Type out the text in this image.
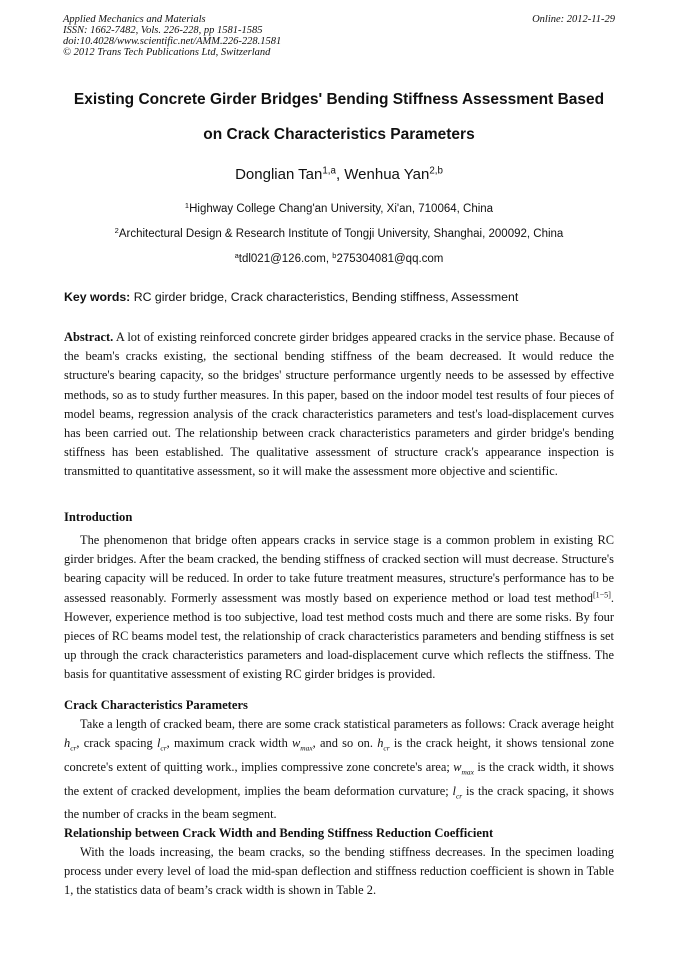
Applied Mechanics and Materials
ISSN: 1662-7482, Vols. 226-228, pp 1581-1585
doi:10.4028/www.scientific.net/AMM.226-228.1581
© 2012 Trans Tech Publications Ltd, Switzerland
Online: 2012-11-29
Existing Concrete Girder Bridges' Bending Stiffness Assessment Based
on Crack Characteristics Parameters
Donglian Tan$^{1,a}$, Wenhua Yan$^{2,b}$
$^1$Highway College Chang'an University, Xi'an, 710064, China
$^2$Architectural Design & Research Institute of Tongji University, Shanghai, 200092, China
$^a$tdl021@126.com, $^b$275304081@qq.com
Key words: RC girder bridge, Crack characteristics, Bending stiffness, Assessment
Abstract. A lot of existing reinforced concrete girder bridges appeared cracks in the service phase. Because of the beam's cracks existing, the sectional bending stiffness of the beam decreased. It would reduce the structure's bearing capacity, so the bridges' structure performance urgently needs to be assessed by effective methods, so as to study further measures. In this paper, based on the indoor model test results of four pieces of model beams, regression analysis of the crack characteristics parameters and test's load-displacement curves has been carried out. The relationship between crack characteristics parameters and girder bridge's bending stiffness has been established. The qualitative assessment of structure crack's appearance inspection is transmitted to quantitative assessment, so it will make the assessment more objective and scientific.
Introduction
The phenomenon that bridge often appears cracks in service stage is a common problem in existing RC girder bridges. After the beam cracked, the bending stiffness of cracked section will must decrease. Structure's bearing capacity will be reduced. In order to take future treatment measures, structure's performance has to be assessed reasonably. Formerly assessment was mostly based on experience method or load test method[1−5]. However, experience method is too subjective, load test method costs much and there are some risks. By four pieces of RC beams model test, the relationship of crack characteristics parameters and bending stiffness is set up through the crack characteristics parameters and load-displacement curve which reflects the stiffness. The basis for quantitative assessment of existing RC girder bridges is provided.
Crack Characteristics Parameters
Take a length of cracked beam, there are some crack statistical parameters as follows: Crack average height $h_{cr}$, crack spacing $l_{cr}$, maximum crack width $w_{max}$, and so on. $h_{cr}$ is the crack height, it shows tensional zone concrete's extent of quitting work., implies compressive zone concrete's area; $w_{max}$ is the crack width, it shows the extent of cracked development, implies the beam deformation curvature; $l_{cr}$ is the crack spacing, it shows the number of cracks in the beam segment.
Relationship between Crack Width and Bending Stiffness Reduction Coefficient
With the loads increasing, the beam cracks, so the bending stiffness decreases. In the specimen loading process under every level of load the mid-span deflection and stiffness reduction coefficient is shown in Table 1, the statistics data of beam’s crack width is shown in Table 2.
